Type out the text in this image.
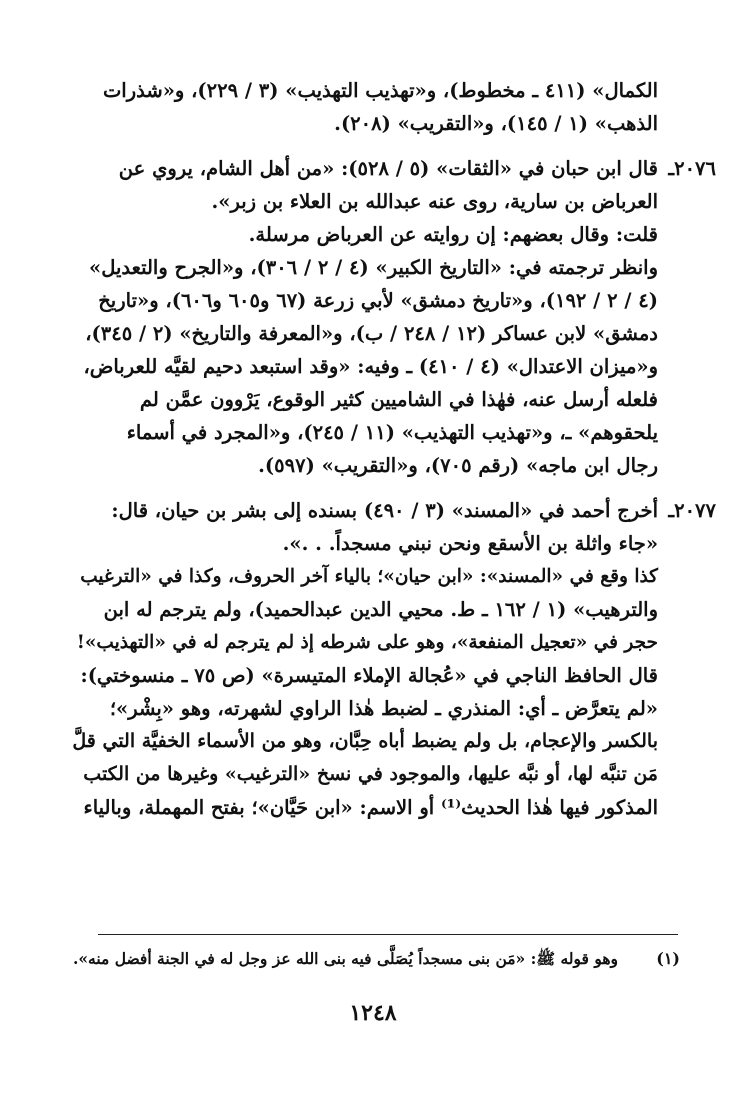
الكمال» (٤١١ ـ مخطوط)، و«تهذيب التهذيب» (٣ / ٢٢٩)، و«شذرات

الذهب» (١ / ١٤٥)، و«التقريب» (٢٠٨).

٢٠٧٦ـ

قال ابن حبان في «الثقات» (٥ / ٥٢٨): «من أهل الشام، يروي عن

العرباض بن سارية، روى عنه عبدالله بن العلاء بن زبر».

قلت: وقال بعضهم: إن روايته عن العرباض مرسلة.

وانظر ترجمته في: «التاريخ الكبير» (٤ / ٢ / ٣٠٦)، و«الجرح والتعديل»

(٤ / ٢ / ١٩٢)، و«تاريخ دمشق» لأبي زرعة (٦٧ و٦٠٥ و٦٠٦)، و«تاريخ

دمشق» لابن عساكر (١٢ / ٢٤٨ / ب)، و«المعرفة والتاريخ» (٢ / ٣٤٥)،

و«ميزان الاعتدال» (٤ / ٤١٠) ـ وفيه: «وقد استبعد دحيم لقيَّه للعرباض،

فلعله أرسل عنه، فهٰذا في الشاميين كثير الوقوع، يَرْوون عمَّن لم

يلحقوهم» ـ، و«تهذيب التهذيب» (١١ / ٢٤٥)، و«المجرد في أسماء

رجال ابن ماجه» (رقم ٧٠٥)، و«التقريب» (٥٩٧).

٢٠٧٧ـ

أخرج أحمد في «المسند» (٣ / ٤٩٠) بسنده إلى بشر بن حيان، قال:

«جاء واثلة بن الأسقع ونحن نبني مسجداً. . .».

كذا وقع في «المسند»: «ابن حيان»؛ بالياء آخر الحروف، وكذا في «الترغيب

والترهيب» (١ / ١٦٢ ـ ط. محيي الدين عبدالحميد)، ولم يترجم له ابن

حجر في «تعجيل المنفعة»، وهو على شرطه إذ لم يترجم له في «التهذيب»!

قال الحافظ الناجي في «عُجالة الإملاء المتيسرة» (ص ٧٥ ـ منسوختي):

«لم يتعرَّض ـ أي: المنذري ـ لضبط هٰذا الراوي لشهرته، وهو «بِشْر»؛

بالكسر والإعجام، بل ولم يضبط أباه حِبَّان، وهو من الأسماء الخفيَّة التي قلَّ

مَن تنبَّه لها، أو نبَّه عليها، والموجود في نسخ «الترغيب» وغيرها من الكتب

المذكور فيها هٰذا الحديث⁽¹⁾ أو الاسم: «ابن حَيَّان»؛ بفتح المهملة، وبالياء

(١)
وهو قوله ﷺ: «مَن بنى مسجداً يُصَلَّى فيه بنى الله عز وجل له في الجنة أفضل منه».
١٢٤٨
